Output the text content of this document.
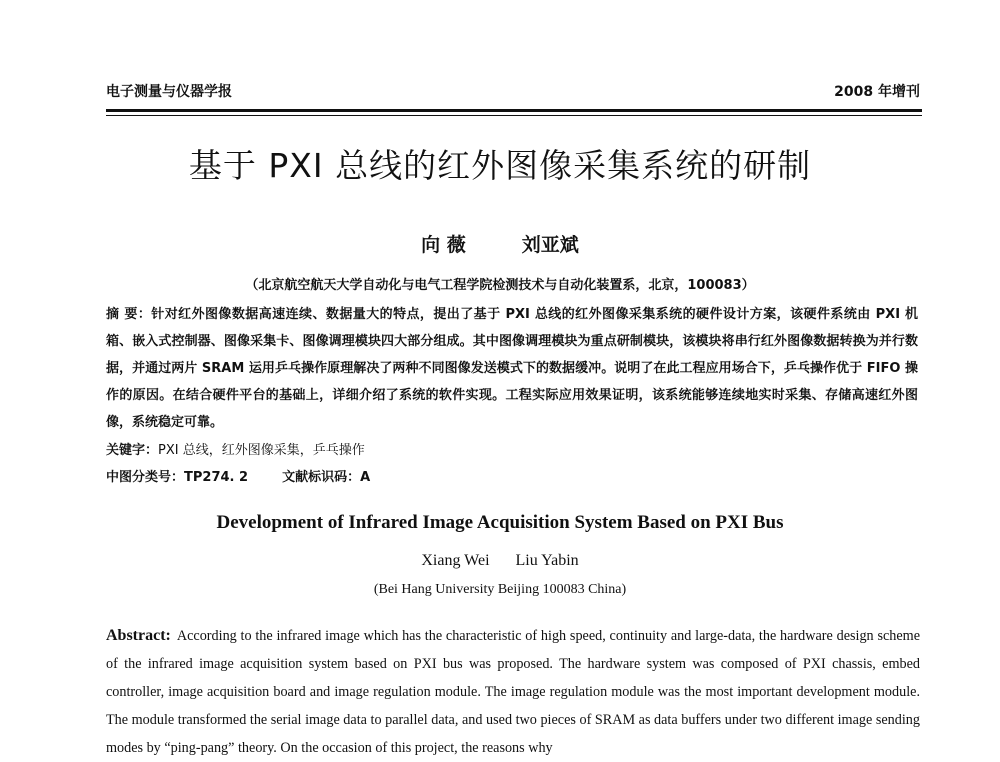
电子测量与仪器学报	2008 年增刊
基于 PXI 总线的红外图像采集系统的研制
向 薇	刘亚斌
（北京航空航天大学自动化与电气工程学院检测技术与自动化装置系，北京，100083）
摘 要：针对红外图像数据高速连续、数据量大的特点，提出了基于 PXI 总线的红外图像采集系统的硬件设计方案，该硬件系统由 PXI 机箱、嵌入式控制器、图像采集卡、图像调理模块四大部分组成。其中图像调理模块为重点研制模块，该模块将串行红外图像数据转换为并行数据，并通过两片 SRAM 运用乒乓操作原理解决了两种不同图像发送模式下的数据缓冲。说明了在此工程应用场合下，乒乓操作优于 FIFO 操作的原因。在结合硬件平台的基础上，详细介绍了系统的软件实现。工程实际应用效果证明，该系统能够连续地实时采集、存储高速红外图像，系统稳定可靠。
关键字：PXI 总线，红外图像采集，乒乓操作
中图分类号：TP274. 2	文献标识码：A
Development of Infrared Image Acquisition System Based on PXI Bus
Xiang Wei Liu Yabin
(Bei Hang University Beijing 100083 China)
Abstract: According to the infrared image which has the characteristic of high speed, continuity and large-data, the hardware design scheme of the infrared image acquisition system based on PXI bus was proposed. The hardware system was composed of PXI chassis, embed controller, image acquisition board and image regulation module. The image regulation module was the most important development module. The module transformed the serial image data to parallel data, and used two pieces of SRAM as data buffers under two different image sending modes by “ping-pang” theory. On the occasion of this project, the reasons why
